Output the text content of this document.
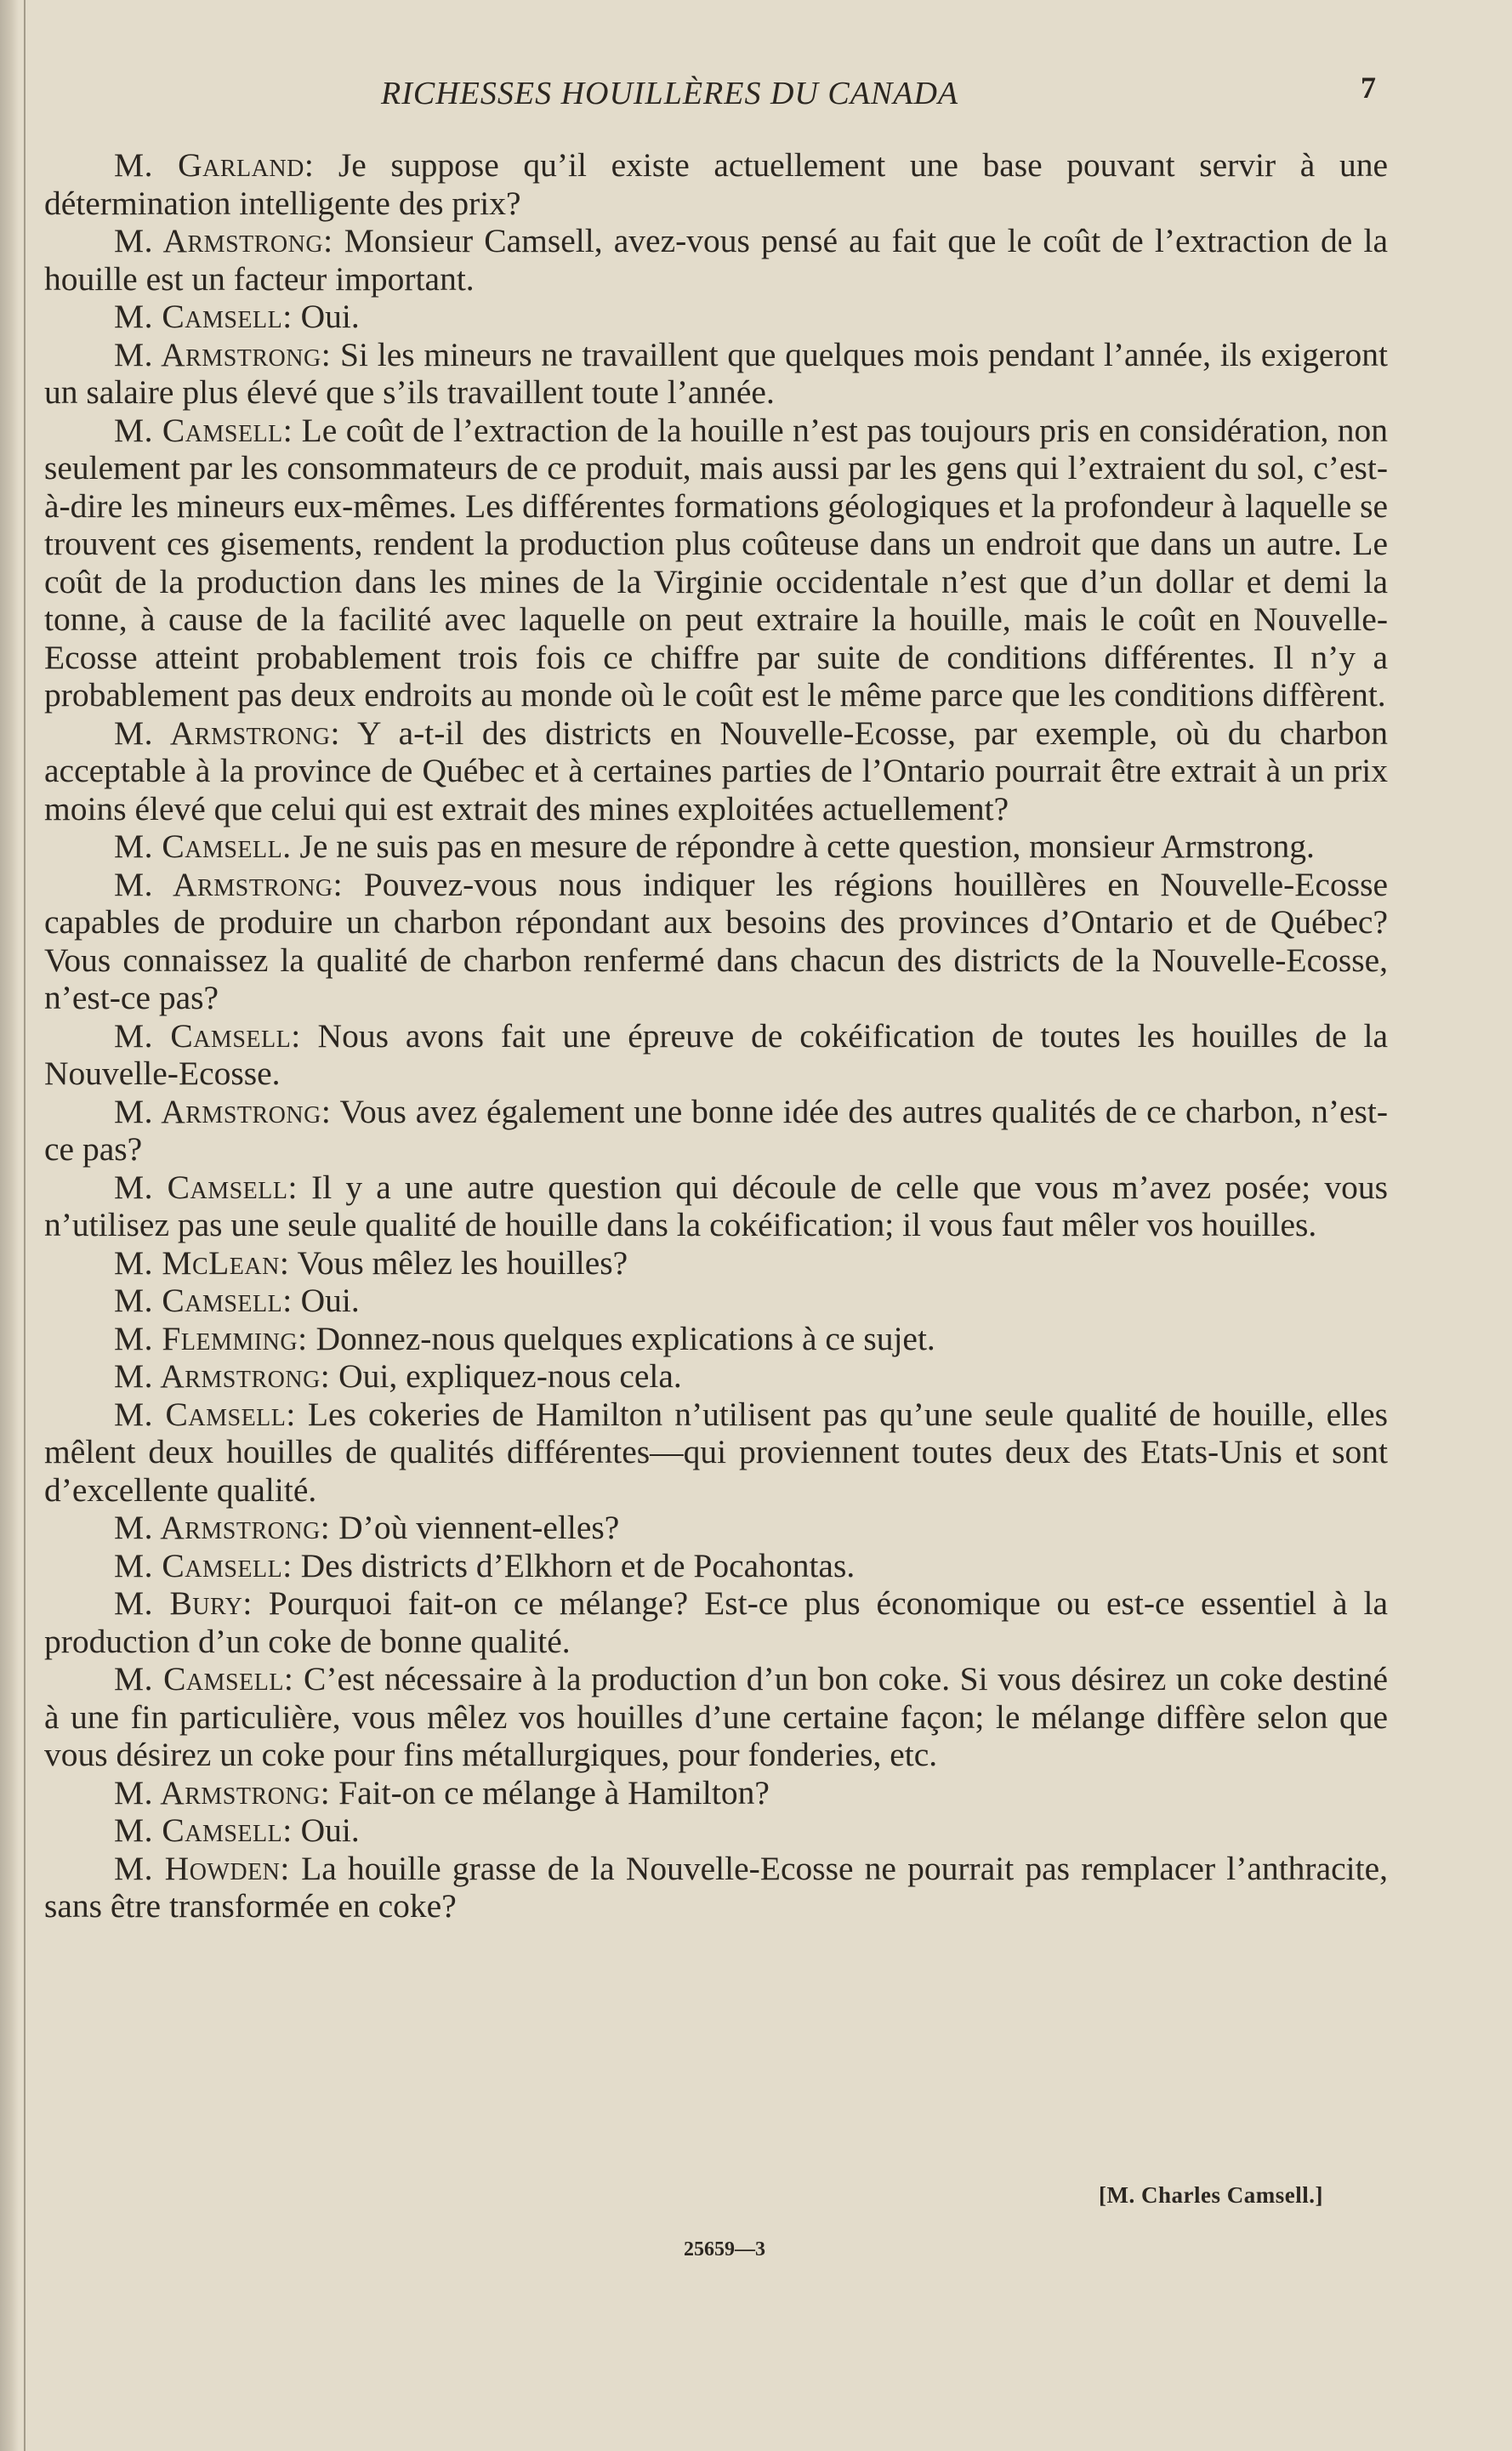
RICHESSES HOUILLÈRES DU CANADA	7

M. Garland: Je suppose qu’il existe actuellement une base pouvant servir à une détermination intelligente des prix?

M. Armstrong: Monsieur Camsell, avez-vous pensé au fait que le coût de l’extraction de la houille est un facteur important.

M. Camsell: Oui.

M. Armstrong: Si les mineurs ne travaillent que quelques mois pendant l’année, ils exigeront un salaire plus élevé que s’ils travaillent toute l’année.

M. Camsell: Le coût de l’extraction de la houille n’est pas toujours pris en considération, non seulement par les consommateurs de ce produit, mais aussi par les gens qui l’extraient du sol, c’est-à-dire les mineurs eux-mêmes. Les différentes formations géologiques et la profondeur à laquelle se trouvent ces gisements, rendent la production plus coûteuse dans un endroit que dans un autre. Le coût de la production dans les mines de la Virginie occidentale n’est que d’un dollar et demi la tonne, à cause de la facilité avec laquelle on peut extraire la houille, mais le coût en Nouvelle-Ecosse atteint probablement trois fois ce chiffre par suite de conditions différentes. Il n’y a probablement pas deux endroits au monde où le coût est le même parce que les conditions diffèrent.

M. Armstrong: Y a-t-il des districts en Nouvelle-Ecosse, par exemple, où du charbon acceptable à la province de Québec et à certaines parties de l’Ontario pourrait être extrait à un prix moins élevé que celui qui est extrait des mines exploitées actuellement?

M. Camsell. Je ne suis pas en mesure de répondre à cette question, monsieur Armstrong.

M. Armstrong: Pouvez-vous nous indiquer les régions houillères en Nouvelle-Ecosse capables de produire un charbon répondant aux besoins des provinces d’Ontario et de Québec? Vous connaissez la qualité de charbon renfermé dans chacun des districts de la Nouvelle-Ecosse, n’est-ce pas?

M. Camsell: Nous avons fait une épreuve de cokéification de toutes les houilles de la Nouvelle-Ecosse.

M. Armstrong: Vous avez également une bonne idée des autres qualités de ce charbon, n’est-ce pas?

M. Camsell: Il y a une autre question qui découle de celle que vous m’avez posée; vous n’utilisez pas une seule qualité de houille dans la cokéification; il vous faut mêler vos houilles.

M. McLean: Vous mêlez les houilles?

M. Camsell: Oui.

M. Flemming: Donnez-nous quelques explications à ce sujet.

M. Armstrong: Oui, expliquez-nous cela.

M. Camsell: Les cokeries de Hamilton n’utilisent pas qu’une seule qualité de houille, elles mêlent deux houilles de qualités différentes—qui proviennent toutes deux des Etats-Unis et sont d’excellente qualité.

M. Armstrong: D’où viennent-elles?

M. Camsell: Des districts d’Elkhorn et de Pocahontas.

M. Bury: Pourquoi fait-on ce mélange? Est-ce plus économique ou est-ce essentiel à la production d’un coke de bonne qualité.

M. Camsell: C’est nécessaire à la production d’un bon coke. Si vous désirez un coke destiné à une fin particulière, vous mêlez vos houilles d’une certaine façon; le mélange diffère selon que vous désirez un coke pour fins métallurgiques, pour fonderies, etc.

M. Armstrong: Fait-on ce mélange à Hamilton?

M. Camsell: Oui.

M. Howden: La houille grasse de la Nouvelle-Ecosse ne pourrait pas remplacer l’anthracite, sans être transformée en coke?

[M. Charles Camsell.]
25659—3
